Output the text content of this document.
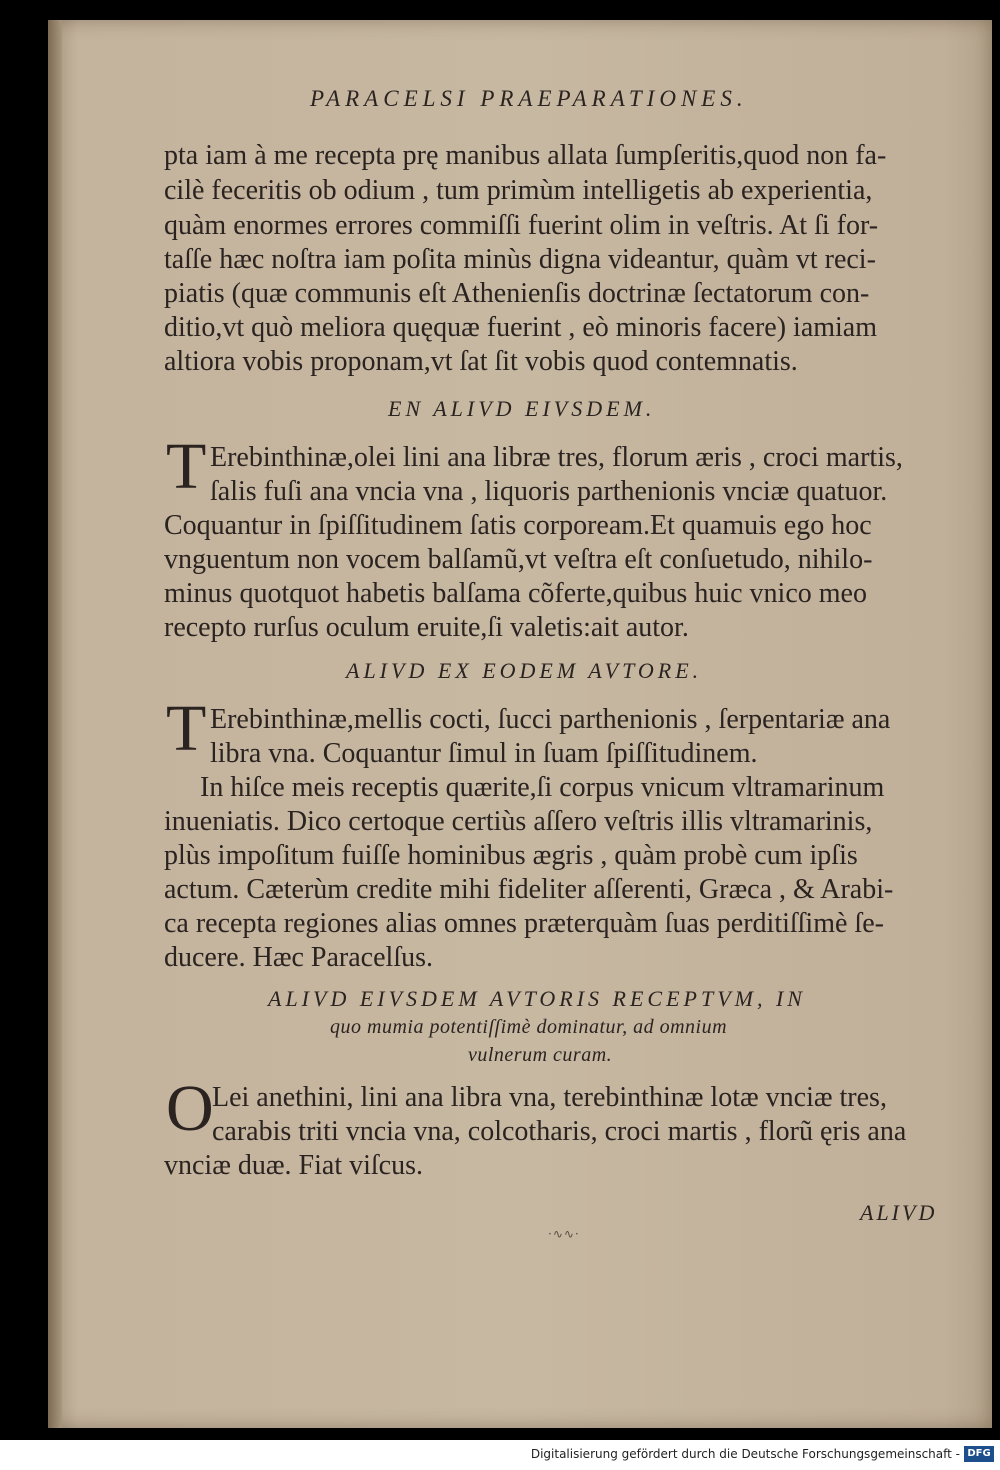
PARACELSI PRAEPARATIONES.
pta iam à me recepta prę manibus allata ſumpſeritis,quod non fa-
cilè feceritis ob odium , tum primùm intelligetis ab experientia,
quàm enormes errores commiſſi fuerint olim in veſtris. At ſi for-
taſſe hæc noſtra iam poſita minùs digna videantur, quàm vt reci-
piatis (quæ communis eſt Athenienſis doctrinæ ſectatorum con-
ditio,vt quò meliora quęquæ fuerint , eò minoris facere) iamiam
altiora vobis proponam,vt ſat ſit vobis quod contemnatis.
EN ALIVD EIVSDEM.
T Erebinthinæ,olei lini ana libræ tres, florum æris , croci martis,
ſalis fuſi ana vncia vna , liquoris parthenionis vnciæ quatuor.
Coquantur in ſpiſſitudinem ſatis corpoream.Et quamuis ego hoc
vnguentum non vocem balſamũ,vt veſtra eſt conſuetudo, nihilo-
minus quotquot habetis balſama cõferte,quibus huic vnico meo
recepto rurſus oculum eruite,ſi valetis:ait autor.
ALIVD EX EODEM AVTORE.
T Erebinthinæ,mellis cocti, ſucci parthenionis , ſerpentariæ ana
libra vna. Coquantur ſimul in ſuam ſpiſſitudinem.
In hiſce meis receptis quærite,ſi corpus vnicum vltramarinum
inueniatis. Dico certoque certiùs aſſero veſtris illis vltramarinis,
plùs impoſitum fuiſſe hominibus ægris , quàm probè cum ipſis
actum. Cæterùm credite mihi fideliter aſſerenti, Græca , & Arabi-
ca recepta regiones alias omnes præterquàm ſuas perditiſſimè ſe-
ducere. Hæc Paracelſus.
ALIVD EIVSDEM AVTORIS RECEPTVM, IN
quo mumia potentiſſimè dominatur, ad omnium
vulnerum curam.
O
Lei anethini, lini ana libra vna, terebinthinæ lotæ vnciæ tres,
carabis triti vncia vna, colcotharis, croci martis , florũ ęris ana
vnciæ duæ. Fiat viſcus.
ALIVD
·∿∿·
Digitalisierung gefördert durch die Deutsche Forschungsgemeinschaft - DFG
